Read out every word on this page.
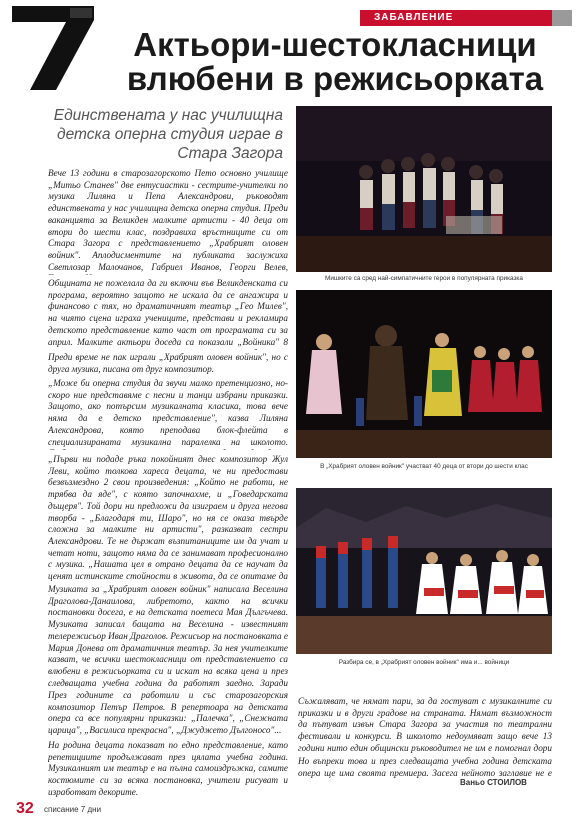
ЗАБАВЛЕНИЕ
Актьори-шестокласници влюбени в режисьорката
Единствената у нас училищна детска оперна студия играе в Стара Загора

Вече 13 години в старозагорското Пето основно училище „Митьо Станев" две ентусиастки - сестрите-учителки по музика Лиляна и Пепа Александрови, ръководят единствената у нас училищна детска оперна студия. Преди ваканцията за Великден малките артисти - 40 деца от втори до шести клас, поздравиха връстниците си от Стара Загора с представлението „Храбрият оловен войник". Аплодисментите на публиката заслужиха Светлозар Малочанов, Габриел Иванов, Георги Велев,

Общината не пожелала да ги включи във Великденската си програма, вероятно защото не искала да се ангажира и финансово с тях, но драматичният театър „Гео Милев", на чиято сцена играха учениците, представи и рекламира детското представление като част от програмата си за април. Малките актьори доседа са показали „Войника" 8

Преди време не пак играли „Храбрият оловен войник", но с друга музика, писана от друг композитор.

„Може би оперна студия да звучи малко претенциозно, но-скоро ние представяме с песни и танци избрани приказки. Защото, ако потърсим музикалната класика, това вече няма да е детско представление", казва Лиляна Александрова, която преподава блок-флейта в специализираната музикална паралелка на школото.

„Първи ни подаде ръка покойният днес композитор Жул Леви, който толкова хареса децата, че ни предостави безвъзмездно 2 свои произведения: „Който не работи, не трябва да яде", с която започнахме, и „Говедарската дъщеря". Той дори ни предложи да изиграем и друга негова творба - „Благодаря ти, Шаро", но ня се оказа твърде сложна за малките ни артисти", разказват сестри Александрови. Те не държат възпитаниците им да учат и четат ноти, защото няма да се занимават професионално с музика. „Нашата цел в отрано децата да се научат да ценят истинските стойности в живота, да се опитаме да

Музиката за „Храбрият оловен войник" написала Веселина Драголова-Данаилова, либретото, както на всички постановки досега, е на детската поетеса Мая Дългъчева. Музиката записал бащата на Веселина - известният телережисьор Иван Драголов. Режисьор на постановката е Мария Донева от драматичния театър. За нея учителките казват, че всички шестокласници от представлението са влюбени в режисьорката си и искат на всяка цена и през следващата учебна година да работят заедно. Заради

През годините са работили и със старозагорския композитор Петър Петров. В репертоара на детската опера са все популярни приказки: „Палечка", „Снежната царица", „Василиса прекрасна", „Джуджето Дългоносо"...

На родина децата показват по едно представление, като репетициите продължават през цялата учебна година. Музикалният им театър е на пълна самоиздръжка, самите костюмите си за всяка постановка, учители рисуват и изработват декорите.

Съжаляват, че нямат пари, за да гостуват с музикалните си приказки и в други градове на страната. Нямат възможност да пътуват извън Стара Загора за участия по театрални фестивали и конкурси. В школото недоумяват защо вече 13 години нито един общински ръководител не им е помогнал дори

Но въпреки това и през следващата учебна година детската опера ще има своята премиера. Засега нейното заглавие не е

Мишките са сред най-симпатичните герои в популярната приказка
В „Храбрият оловен войник" участват 40 деца от втори до шести клас
Разбира се, в „Храбрият оловен войник" има и... войници
Ваньо СТОИЛОВ
32 списание 7 дни
